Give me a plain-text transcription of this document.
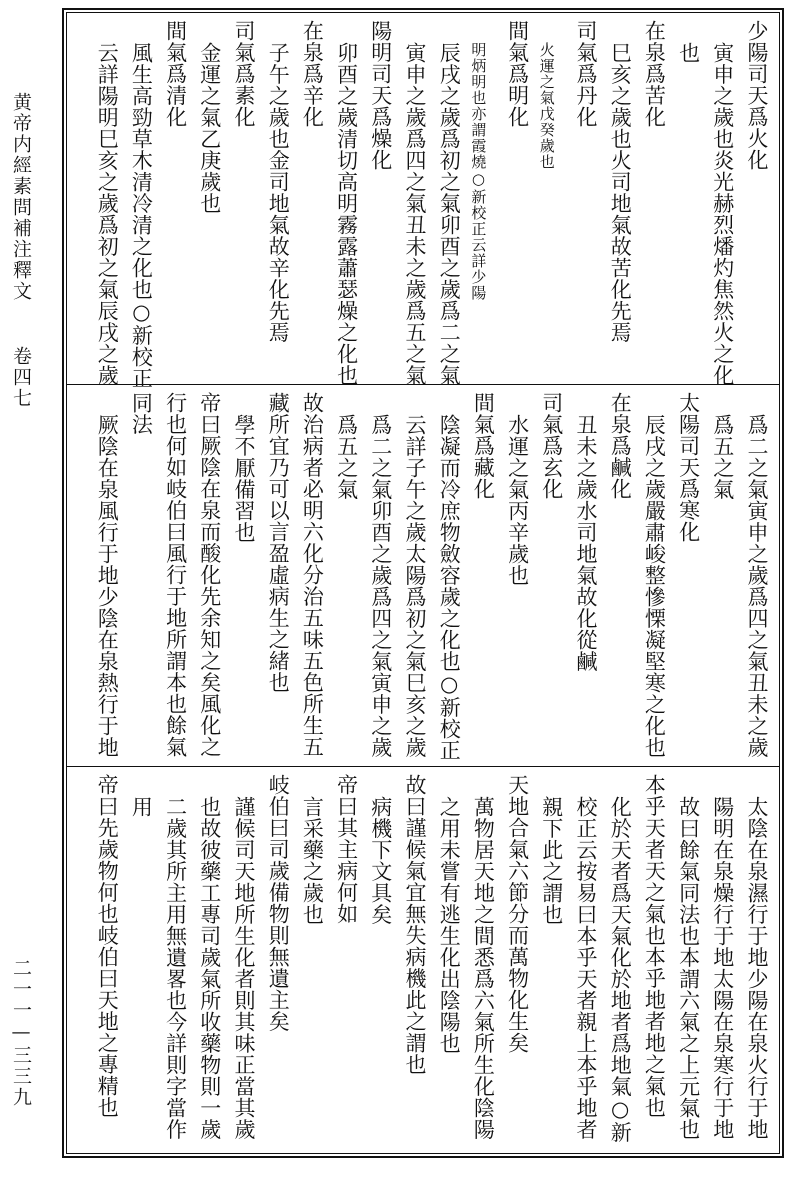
黄帝内經素問補注釋文
卷四七
二一一—三三九
少陽司天爲火化
寅申之歲也炎光赫烈燔灼焦然火之化
也
在泉爲苦化
巳亥之歲也火司地氣故苦化先焉
司氣爲丹化
火運之氣戊癸歲也
間氣爲明化
明炳明也亦謂霞燒○新校正云詳少陽
辰戌之歲爲初之氣卯酉之歲爲二之氣
寅申之歲爲四之氣丑未之歲爲五之氣
陽明司天爲燥化
卯酉之歲清切高明霧露蕭瑟燥之化也
在泉爲辛化
子午之歲也金司地氣故辛化先焉
司氣爲素化
金運之氣乙庚歲也
間氣爲清化
風生高勁草木清冷清之化也○新校正
云詳陽明巳亥之歲爲初之氣辰戌之歲
爲二之氣寅申之歲爲四之氣丑未之歲
爲五之氣
太陽司天爲寒化
辰戌之歲嚴肅峻整慘慄凝堅寒之化也
在泉爲鹹化
丑未之歲水司地氣故化從鹹
司氣爲玄化
水運之氣丙辛歲也
間氣爲藏化
陰凝而冷庶物斂容歲之化也○新校正
云詳子午之歲太陽爲初之氣巳亥之歲
爲二之氣卯酉之歲爲四之氣寅申之歲
爲五之氣
故治病者必明六化分治五味五色所生五
藏所宜乃可以言盈虛病生之緒也
學不厭備習也
帝曰厥陰在泉而酸化先余知之矣風化之
行也何如岐伯曰風行于地所謂本也餘氣
同法
厥陰在泉風行于地少陰在泉熱行于地
太陰在泉濕行于地少陽在泉火行于地
陽明在泉燥行于地太陽在泉寒行于地
故曰餘氣同法也本謂六氣之上元氣也
本乎天者天之氣也本乎地者地之氣也
化於天者爲天氣化於地者爲地氣○新
校正云按易曰本乎天者親上本乎地者
親下此之謂也
天地合氣六節分而萬物化生矣
萬物居天地之間悉爲六氣所生化陰陽
之用未嘗有逃生化出陰陽也
故曰謹候氣宜無失病機此之謂也
病機下文具矣
帝曰其主病何如
言采藥之歲也
岐伯曰司歲備物則無遺主矣
謹候司天地所生化者則其味正當其歲
也故彼藥工專司歲氣所收藥物則一歲
二歲其所主用無遺畧也今詳則字當作
用
帝曰先歲物何也岐伯曰天地之專精也
